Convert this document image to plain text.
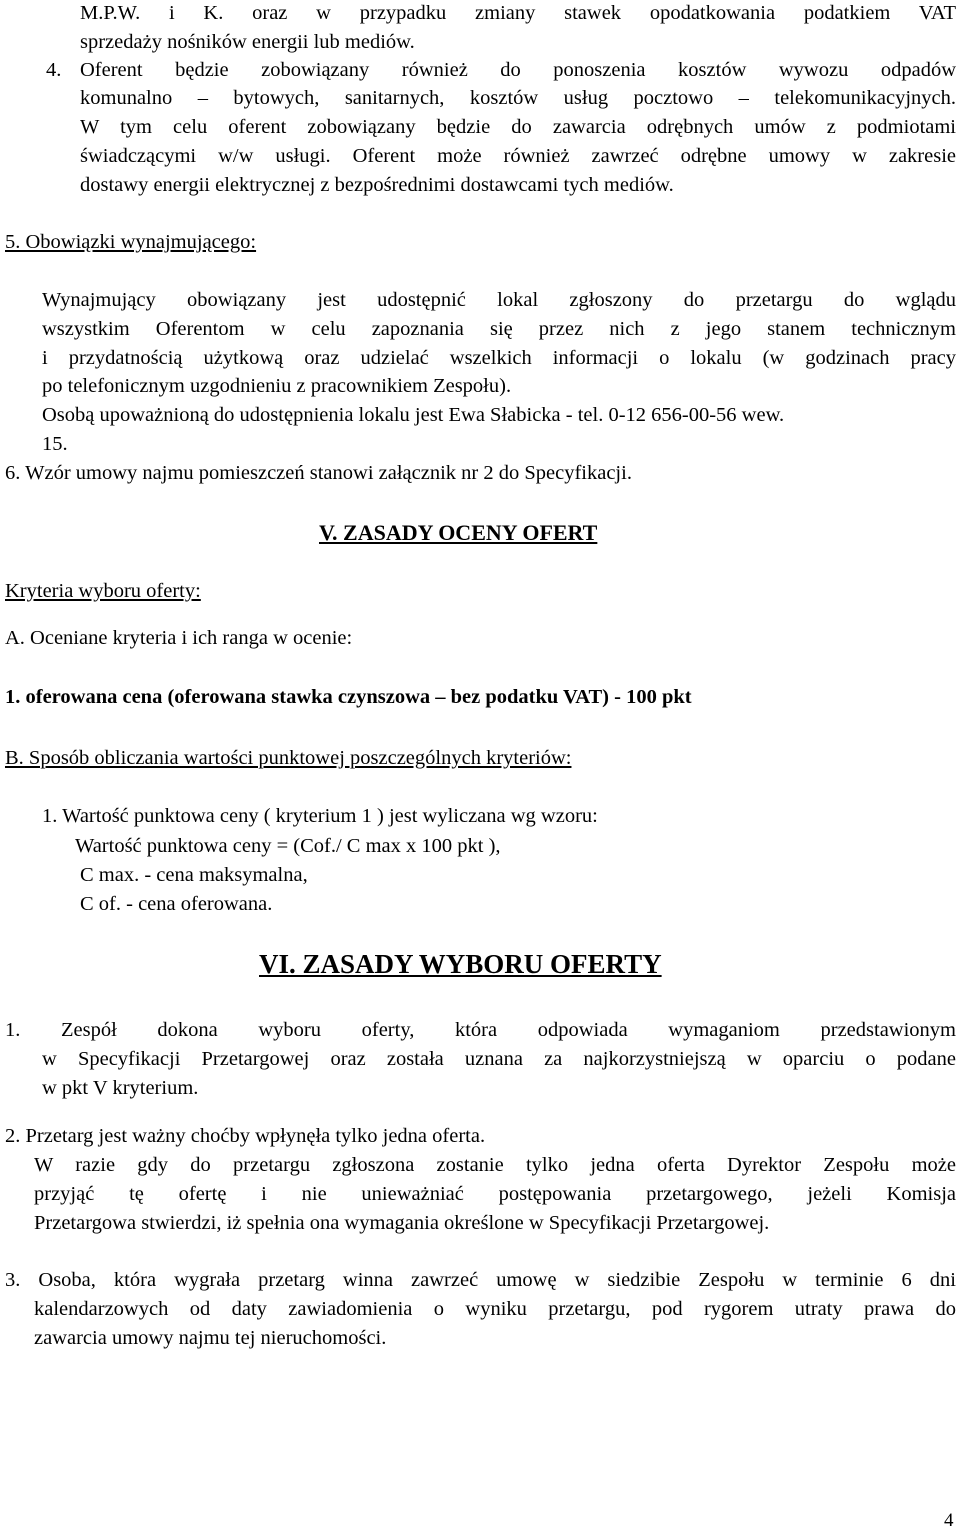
M.P.W. i K. oraz w przypadku zmiany stawek opodatkowania podatkiem VAT
sprzedaży nośników energii lub mediów.
4. Oferent będzie zobowiązany również do ponoszenia kosztów wywozu odpadów
komunalno – bytowych, sanitarnych, kosztów usług pocztowo – telekomunikacyjnych.
W tym celu oferent zobowiązany będzie do zawarcia odrębnych umów z podmiotami
świadczącymi w/w usługi. Oferent może również zawrzeć odrębne umowy w zakresie
dostawy energii elektrycznej z bezpośrednimi dostawcami tych mediów.
5. Obowiązki wynajmującego:
Wynajmujący obowiązany jest udostępnić lokal zgłoszony do przetargu do wglądu
wszystkim Oferentom w celu zapoznania się przez nich z jego stanem technicznym
i przydatnością użytkową oraz udzielać wszelkich informacji o lokalu (w godzinach pracy
po telefonicznym uzgodnieniu z pracownikiem Zespołu).
Osobą upoważnioną do udostępnienia lokalu jest Ewa Słabicka - tel. 0-12 656-00-56 wew.
15.
6. Wzór umowy najmu pomieszczeń stanowi załącznik nr 2 do Specyfikacji.
V. ZASADY OCENY OFERT
Kryteria wyboru oferty:
A. Oceniane kryteria i ich ranga w ocenie:
1. oferowana cena (oferowana stawka czynszowa – bez podatku VAT) - 100 pkt
B. Sposób obliczania wartości punktowej poszczególnych kryteriów:
1. Wartość punktowa ceny ( kryterium 1 ) jest wyliczana wg wzoru:
Wartość punktowa ceny = (Cof./ C max x 100 pkt ),
C max. - cena maksymalna,
C of. - cena oferowana.
VI. ZASADY WYBORU OFERTY
1. Zespół dokona wyboru oferty, która odpowiada wymaganiom przedstawionym
w Specyfikacji Przetargowej oraz została uznana za najkorzystniejszą w oparciu o podane
w pkt V kryterium.
2. Przetarg jest ważny choćby wpłynęła tylko jedna oferta.
W razie gdy do przetargu zgłoszona zostanie tylko jedna oferta Dyrektor Zespołu może
przyjąć tę ofertę i nie unieważniać postępowania przetargowego, jeżeli Komisja
Przetargowa stwierdzi, iż spełnia ona wymagania określone w Specyfikacji Przetargowej.
3. Osoba, która wygrała przetarg winna zawrzeć umowę w siedzibie Zespołu w terminie 6 dni
kalendarzowych od daty zawiadomienia o wyniku przetargu, pod rygorem utraty prawa do
zawarcia umowy najmu tej nieruchomości.
4
